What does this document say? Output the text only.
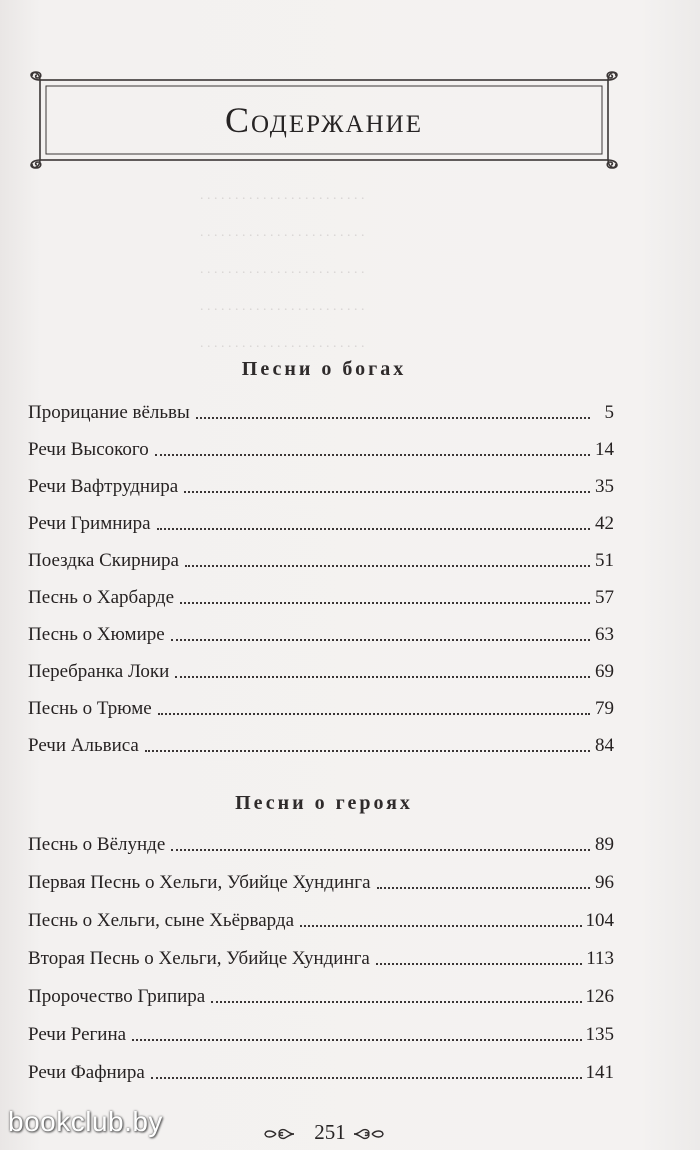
. . . . . . . . . . . . . . . . . . . . . . . .
. . . . . . . . . . . . . . . . . . . . . . . .
. . . . . . . . . . . . . . . . . . . . . . . .
. . . . . . . . . . . . . . . . . . . . . . . .
. . . . . . . . . . . . . . . . . . . . . . . .
Содержание
Песни о богах
Прорицание вёльвы	5
Речи Высокого	14
Речи Вафтруднира	35
Речи Гримнира	42
Поездка Скирнира	51
Песнь о Харбарде	57
Песнь о Хюмире	63
Перебранка Локи	69
Песнь о Трюме	79
Речи Альвиса	84
Песни о героях
Песнь о Вёлунде	89
Первая Песнь о Хельги, Убийце Хундинга	96
Песнь о Хельги, сыне Хьёрварда	104
Вторая Песнь о Хельги, Убийце Хундинга	113
Пророчество Грипира	126
Речи Регина	135
Речи Фафнира	141
251
bookclub.by
